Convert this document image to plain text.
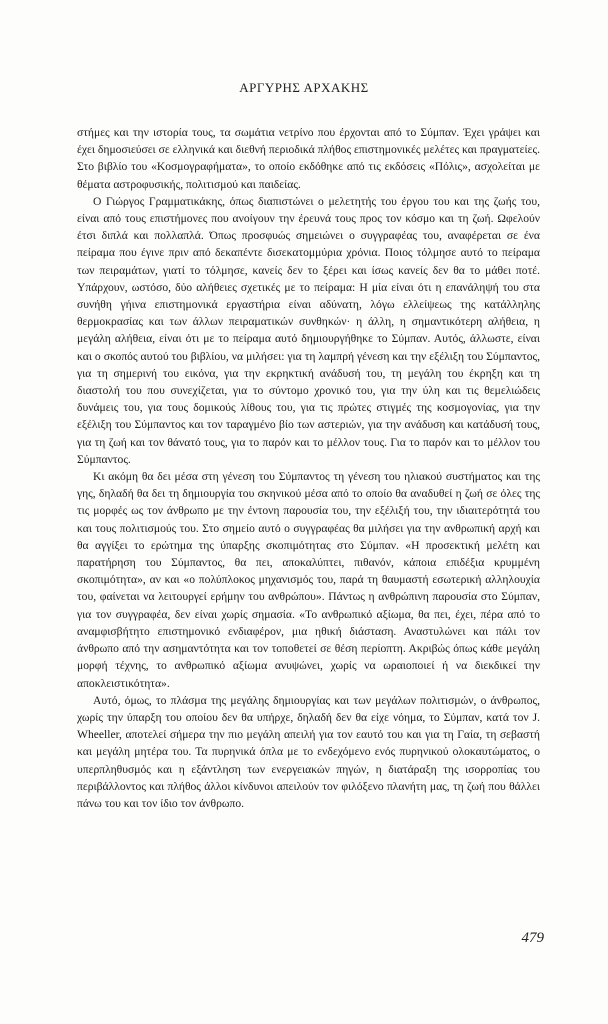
ΑΡΓΥΡΗΣ ΑΡΧΑΚΗΣ

στήμες και την ιστορία τους, τα σωμάτια νετρίνο που έρχονται από το Σύμπαν. Έχει γράψει και έχει δημοσιεύσει σε ελληνικά και διεθνή περιοδικά πλήθος επιστημονικές μελέτες και πραγματείες. Στο βιβλίο του «Κοσμογραφήματα», το οποίο εκδόθηκε από τις εκδόσεις «Πόλις», ασχολείται με θέματα αστροφυσικής, πολιτισμού και παιδείας.

Ο Γιώργος Γραμματικάκης, όπως διαπιστώνει ο μελετητής του έργου του και της ζωής του, είναι από τους επιστήμονες που ανοίγουν την έρευνά τους προς τον κόσμο και τη ζωή. Ωφελούν έτσι διπλά και πολλαπλά. Όπως προσφυώς σημειώνει ο συγγραφέας του, αναφέρεται σε ένα πείραμα που έγινε πριν από δεκαπέντε δισεκατομμύρια χρόνια. Ποιος τόλμησε αυτό το πείραμα των πειραμάτων, γιατί το τόλμησε, κανείς δεν το ξέρει και ίσως κανείς δεν θα το μάθει ποτέ. Υπάρχουν, ωστόσο, δύο αλήθειες σχετικές με το πείραμα: Η μία είναι ότι η επανάληψή του στα συνήθη γήινα επιστημονικά εργαστήρια είναι αδύνατη, λόγω ελλείψεως της κατάλληλης θερμοκρασίας και των άλλων πειραματικών συνθηκών· η άλλη, η σημαντικότερη αλήθεια, η μεγάλη αλήθεια, είναι ότι με το πείραμα αυτό δημιουργήθηκε το Σύμπαν. Αυτός, άλλωστε, είναι και ο σκοπός αυτού του βιβλίου, να μιλήσει: για τη λαμπρή γένεση και την εξέλιξη του Σύμπαντος, για τη σημερινή του εικόνα, για την εκρηκτική ανάδυσή του, τη μεγάλη του έκρηξη και τη διαστολή του που συνεχίζεται, για το σύντομο χρονικό του, για την ύλη και τις θεμελιώδεις δυνάμεις του, για τους δομικούς λίθους του, για τις πρώτες στιγμές της κοσμογονίας, για την εξέλιξη του Σύμπαντος και τον ταραγμένο βίο των αστεριών, για την ανάδυση και κατάδυσή τους, για τη ζωή και τον θάνατό τους, για το παρόν και το μέλλον τους. Για το παρόν και το μέλλον του Σύμπαντος.

Κι ακόμη θα δει μέσα στη γένεση του Σύμπαντος τη γένεση του ηλιακού συστήματος και της γης, δηλαδή θα δει τη δημιουργία του σκηνικού μέσα από το οποίο θα αναδυθεί η ζωή σε όλες της τις μορφές ως τον άνθρωπο με την έντονη παρουσία του, την εξέλιξή του, την ιδιαιτερότητά του και τους πολιτισμούς του. Στο σημείο αυτό ο συγγραφέας θα μιλήσει για την ανθρωπική αρχή και θα αγγίξει το ερώτημα της ύπαρξης σκοπιμότητας στο Σύμπαν. «Η προσεκτική μελέτη και παρατήρηση του Σύμπαντος, θα πει, αποκαλύπτει, πιθανόν, κάποια επιδέξια κρυμμένη σκοπιμότητα», αν και «ο πολύπλοκος μηχανισμός του, παρά τη θαυμαστή εσωτερική αλληλουχία του, φαίνεται να λειτουργεί ερήμην του ανθρώπου». Πάντως η ανθρώπινη παρουσία στο Σύμπαν, για τον συγγραφέα, δεν είναι χωρίς σημασία. «Το ανθρωπικό αξίωμα, θα πει, έχει, πέρα από το αναμφισβήτητο επιστημονικό ενδιαφέρον, μια ηθική διάσταση. Αναστυλώνει και πάλι τον άνθρωπο από την ασημαντότητα και τον τοποθετεί σε θέση περίοπτη. Ακριβώς όπως κάθε μεγάλη μορφή τέχνης, το ανθρωπικό αξίωμα ανυψώνει, χωρίς να ωραιοποιεί ή να διεκδικεί την αποκλειστικότητα».

Αυτό, όμως, το πλάσμα της μεγάλης δημιουργίας και των μεγάλων πολιτισμών, ο άνθρωπος, χωρίς την ύπαρξη του οποίου δεν θα υπήρχε, δηλαδή δεν θα είχε νόημα, το Σύμπαν, κατά τον J. Wheeller, αποτελεί σήμερα την πιο μεγάλη απειλή για τον εαυτό του και για τη Γαία, τη σεβαστή και μεγάλη μητέρα του. Τα πυρηνικά όπλα με το ενδεχόμενο ενός πυρηνικού ολοκαυτώματος, ο υπερπληθυσμός και η εξάντληση των ενεργειακών πηγών, η διατάραξη της ισορροπίας του περιβάλλοντος και πλήθος άλλοι κίνδυνοι απειλούν τον φιλόξενο πλανήτη μας, τη ζωή που θάλλει πάνω του και τον ίδιο τον άνθρωπο.

479
